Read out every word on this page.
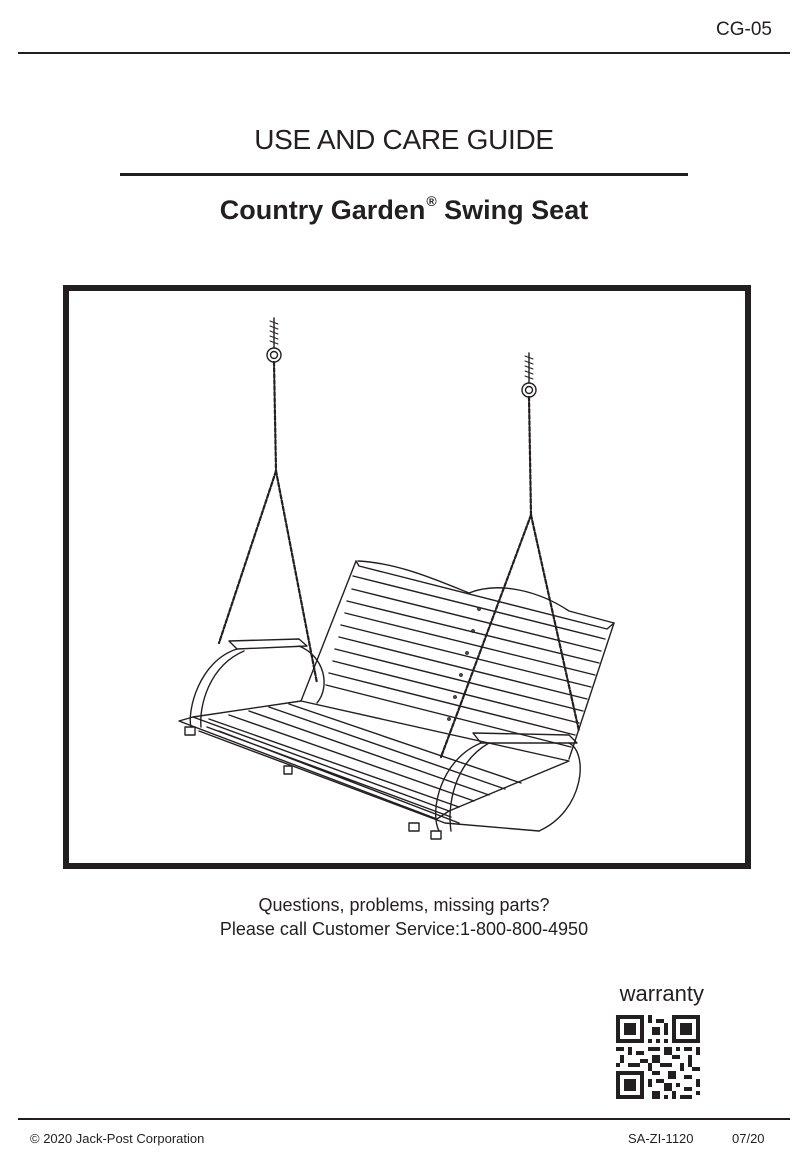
CG-05
USE AND CARE GUIDE
Country Garden® Swing Seat
Questions, problems, missing parts?
Please call Customer Service:1-800-800-4950
warranty
© 2020 Jack-Post Corporation	SA-ZI-1120	07/20
